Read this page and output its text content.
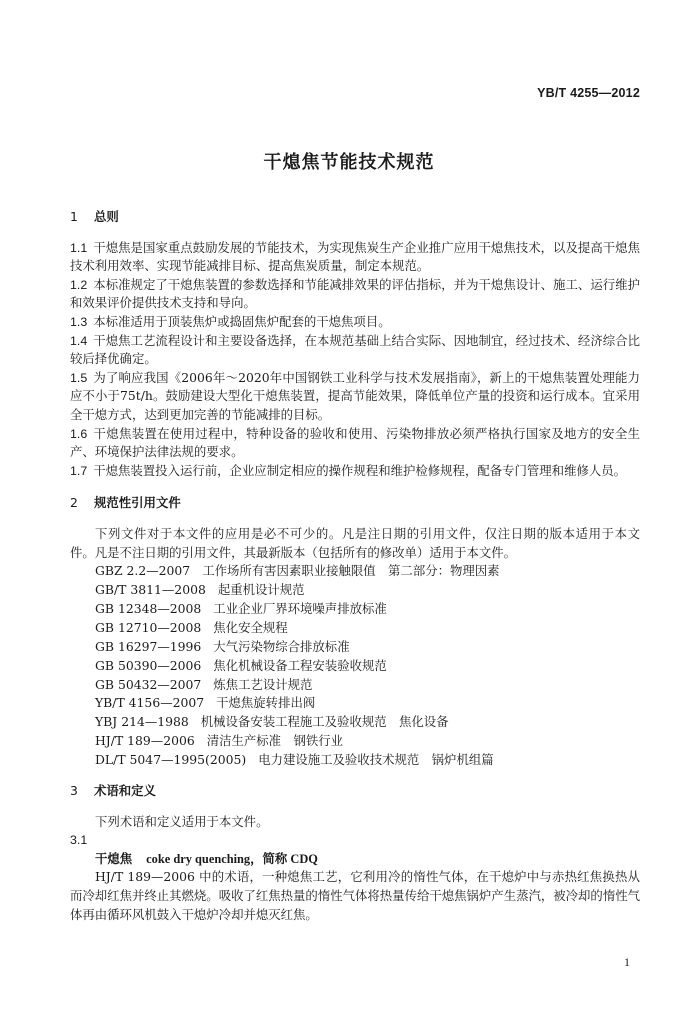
YB/T 4255—2012
干熄焦节能技术规范

1 总则

1.1 干熄焦是国家重点鼓励发展的节能技术，为实现焦炭生产企业推广应用干熄焦技术，以及提高干熄焦技术利用效率、实现节能减排目标、提高焦炭质量，制定本规范。

1.2 本标准规定了干熄焦装置的参数选择和节能减排效果的评估指标，并为干熄焦设计、施工、运行维护和效果评价提供技术支持和导向。

1.3 本标准适用于顶装焦炉或捣固焦炉配套的干熄焦项目。

1.4 干熄焦工艺流程设计和主要设备选择，在本规范基础上结合实际、因地制宜，经过技术、经济综合比较后择优确定。

1.5 为了响应我国《2006年～2020年中国钢铁工业科学与技术发展指南》，新上的干熄焦装置处理能力应不小于75t/h。鼓励建设大型化干熄焦装置，提高节能效果，降低单位产量的投资和运行成本。宜采用全干熄方式，达到更加完善的节能减排的目标。

1.6 干熄焦装置在使用过程中，特种设备的验收和使用、污染物排放必须严格执行国家及地方的安全生产、环境保护法律法规的要求。

1.7 干熄焦装置投入运行前，企业应制定相应的操作规程和维护检修规程，配备专门管理和维修人员。

2 规范性引用文件

下列文件对于本文件的应用是必不可少的。凡是注日期的引用文件，仅注日期的版本适用于本文件。凡是不注日期的引用文件，其最新版本（包括所有的修改单）适用于本文件。

GBZ 2.2—2007 工作场所有害因素职业接触限值　第二部分：物理因素

GB/T 3811—2008 起重机设计规范

GB 12348—2008 工业企业厂界环境噪声排放标准

GB 12710—2008 焦化安全规程

GB 16297—1996 大气污染物综合排放标准

GB 50390—2006 焦化机械设备工程安装验收规范

GB 50432—2007 炼焦工艺设计规范

YB/T 4156—2007 干熄焦旋转排出阀

YBJ 214—1988 机械设备安装工程施工及验收规范　焦化设备

HJ/T 189—2006 清洁生产标准　钢铁行业

DL/T 5047—1995(2005) 电力建设施工及验收技术规范　锅炉机组篇

3 术语和定义

下列术语和定义适用于本文件。

3.1

干熄焦 coke dry quenching，简称 CDQ

HJ/T 189—2006 中的术语，一种熄焦工艺，它利用冷的惰性气体，在干熄炉中与赤热红焦换热从而冷却红焦并终止其燃烧。吸收了红焦热量的惰性气体将热量传给干熄焦锅炉产生蒸汽，被冷却的惰性气体再由循环风机鼓入干熄炉冷却并熄灭红焦。

1
